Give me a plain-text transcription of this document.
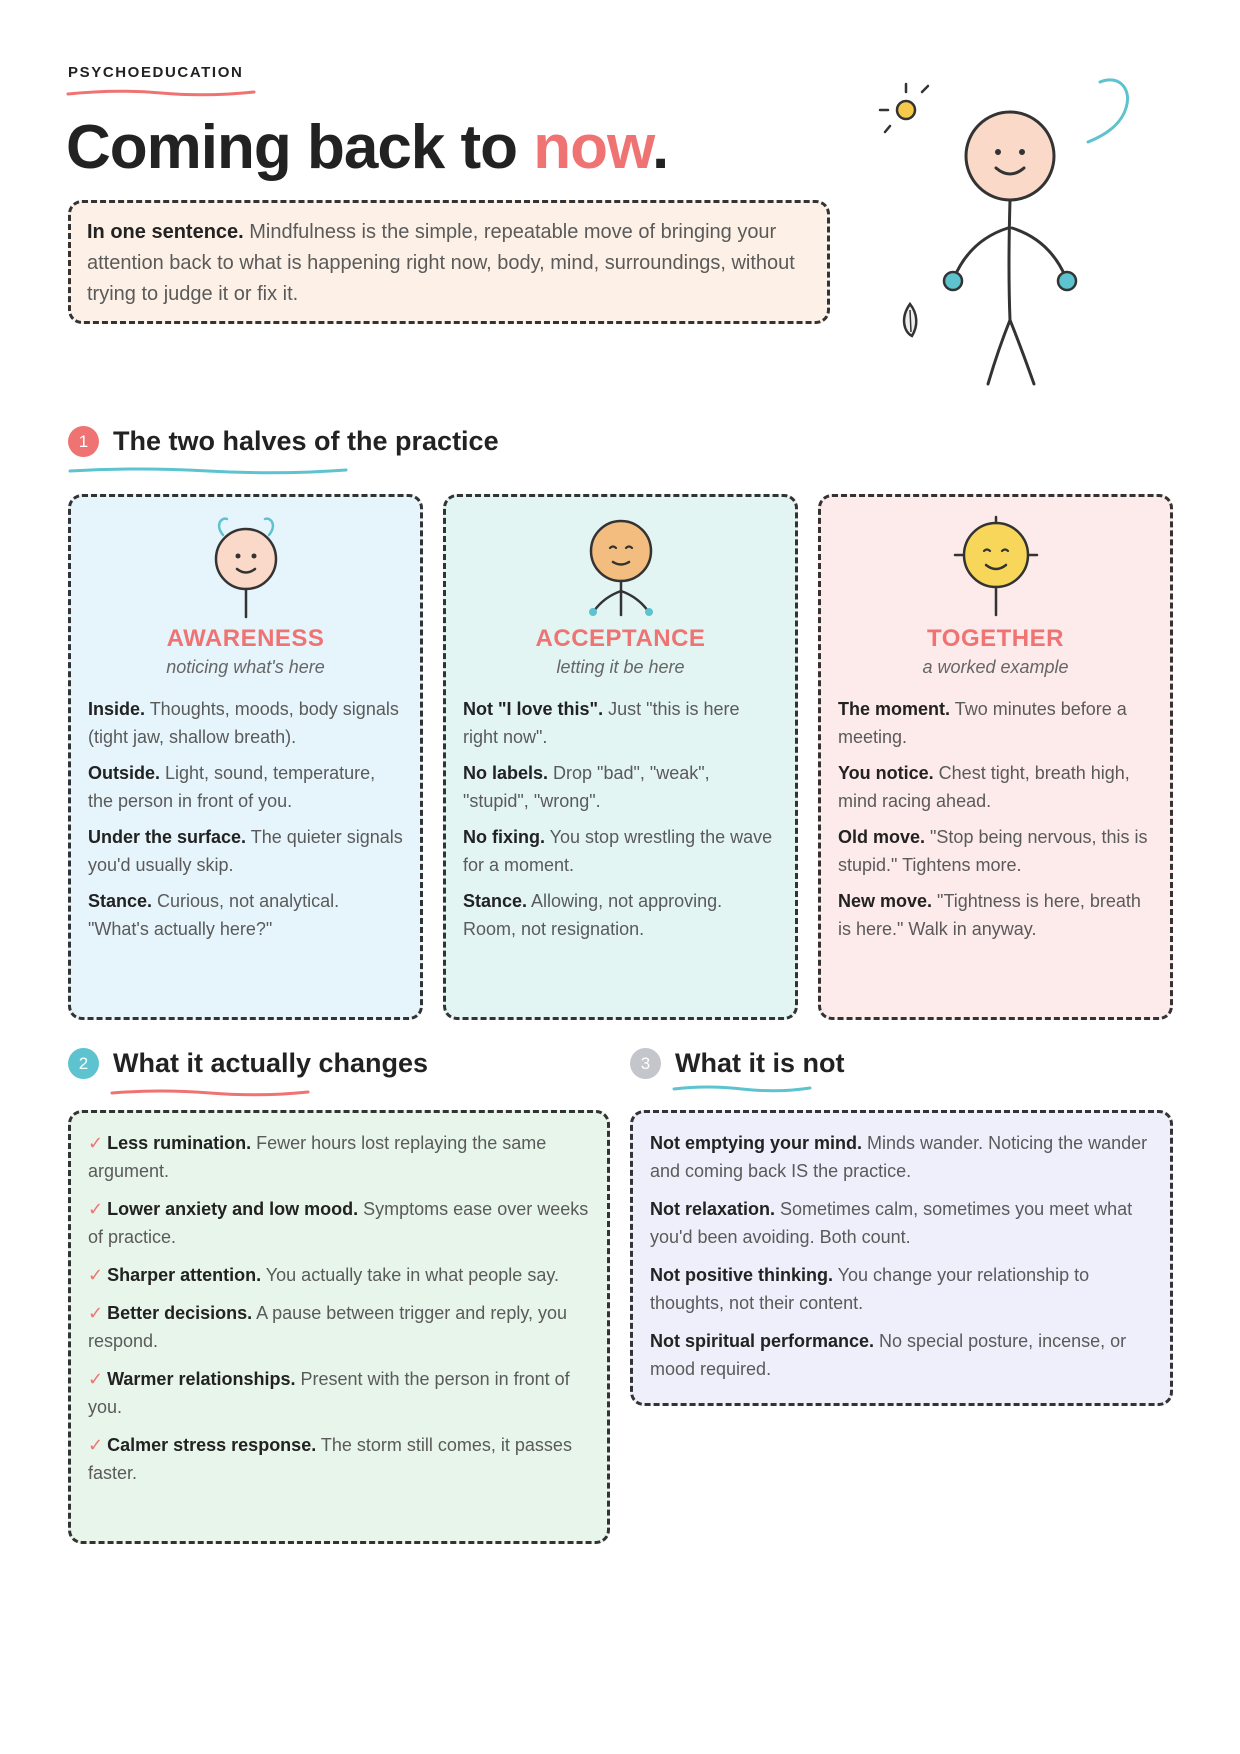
PSYCHOEDUCATION
Coming back to now.
In one sentence. Mindfulness is the simple, repeatable move of bringing your attention back to what is happening right now, body, mind, surroundings, without trying to judge it or fix it.
1 The two halves of the practice
AWARENESS
noticing what's here

Inside. Thoughts, moods, body signals (tight jaw, shallow breath).

Outside. Light, sound, temperature, the person in front of you.

Under the surface. The quieter signals you'd usually skip.

Stance. Curious, not analytical. "What's actually here?"

ACCEPTANCE
letting it be here

Not "I love this". Just "this is here right now".

No labels. Drop "bad", "weak", "stupid", "wrong".

No fixing. You stop wrestling the wave for a moment.

Stance. Allowing, not approving. Room, not resignation.

TOGETHER
a worked example

The moment. Two minutes before a meeting.

You notice. Chest tight, breath high, mind racing ahead.

Old move. "Stop being nervous, this is stupid." Tightens more.

New move. "Tightness is here, breath is here." Walk in anyway.

2 What it actually changes

✓ Less rumination. Fewer hours lost replaying the same argument.

✓ Lower anxiety and low mood. Symptoms ease over weeks of practice.

✓ Sharper attention. You actually take in what people say.

✓ Better decisions. A pause between trigger and reply, you respond.

✓ Warmer relationships. Present with the person in front of you.

✓ Calmer stress response. The storm still comes, it passes faster.

3 What it is not

Not emptying your mind. Minds wander. Noticing the wander and coming back IS the practice.

Not relaxation. Sometimes calm, sometimes you meet what you'd been avoiding. Both count.

Not positive thinking. You change your relationship to thoughts, not their content.

Not spiritual performance. No special posture, incense, or mood required.
